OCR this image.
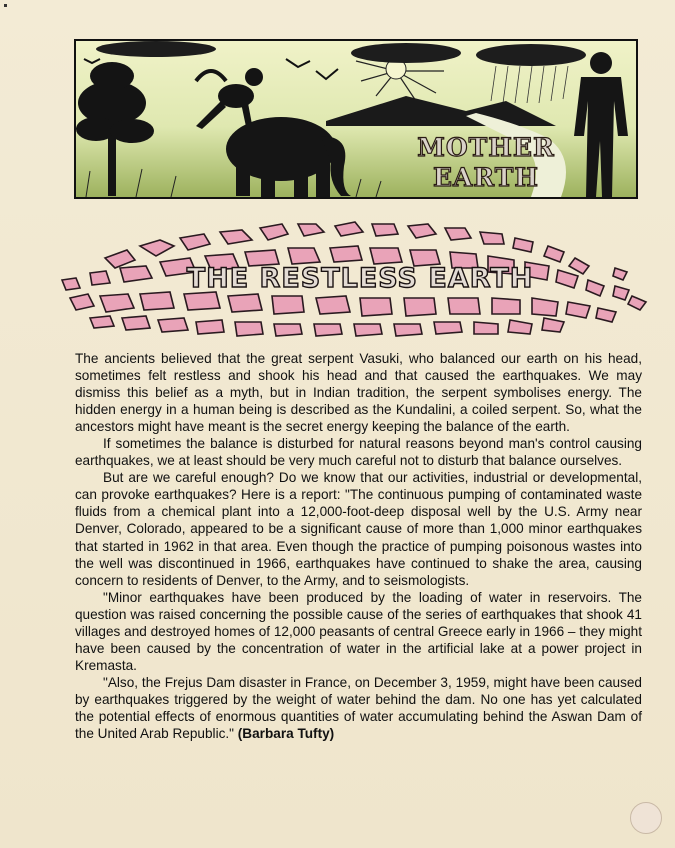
MOTHER
EARTH
THE RESTLESS EARTH

The ancients believed that the great serpent Vasuki, who balanced our earth on his head, sometimes felt restless and shook his head and that caused the earthquakes. We may dismiss this belief as a myth, but in Indian tradition, the serpent symbolises energy. The hidden energy in a human being is described as the Kundalini, a coiled serpent. So, what the ancestors might have meant is the secret energy keeping the balance of the earth.

If sometimes the balance is disturbed for natural reasons beyond man's control causing earthquakes, we at least should be very much careful not to disturb that balance ourselves.

But are we careful enough? Do we know that our activities, industrial or developmental, can provoke earthquakes? Here is a report: "The continuous pumping of contaminated waste fluids from a chemical plant into a 12,000-foot-deep disposal well by the U.S. Army near Denver, Colorado, appeared to be a significant cause of more than 1,000 minor earthquakes that started in 1962 in that area. Even though the practice of pumping poisonous wastes into the well was discontinued in 1966, earthquakes have continued to shake the area, causing concern to residents of Denver, to the Army, and to seismologists.

"Minor earthquakes have been produced by the loading of water in reservoirs. The question was raised concerning the possible cause of the series of earthquakes that shook 41 villages and destroyed homes of 12,000 peasants of central Greece early in 1966 – they might have been caused by the concentration of water in the artificial lake at a power project in Kremasta.

"Also, the Frejus Dam disaster in France, on December 3, 1959, might have been caused by earthquakes triggered by the weight of water behind the dam. No one has yet calculated the potential effects of enormous quantities of water accumulating behind the Aswan Dam of the United Arab Republic." (Barbara Tufty)
